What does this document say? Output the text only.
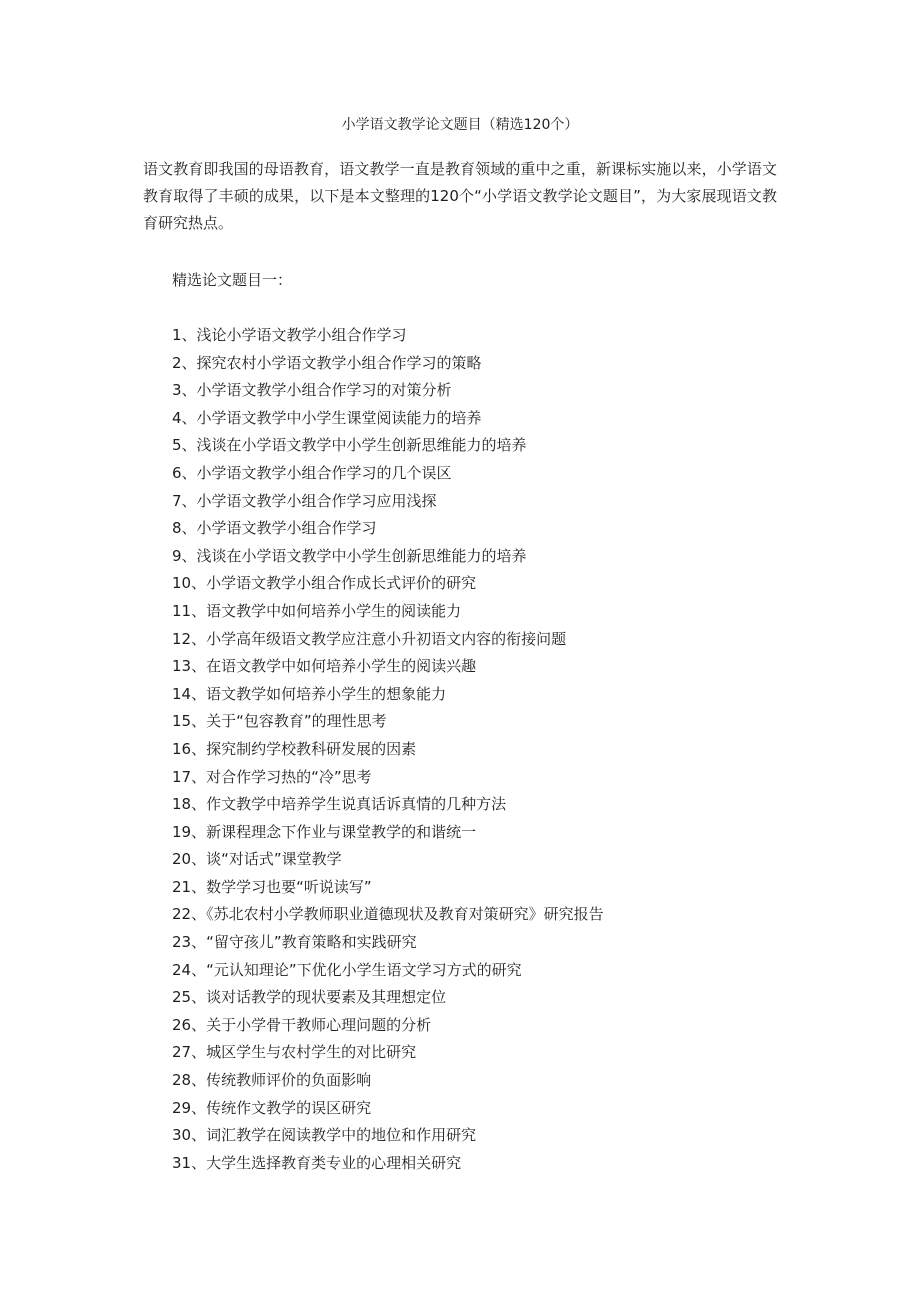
小学语文教学论文题目（精选120个）

语文教育即我国的母语教育，语文教学一直是教育领域的重中之重，新课标实施以来，小学语文教育取得了丰硕的成果，以下是本文整理的120个“小学语文教学论文题目”，为大家展现语文教育研究热点。

精选论文题目一：
1、浅论小学语文教学小组合作学习
2、探究农村小学语文教学小组合作学习的策略
3、小学语文教学小组合作学习的对策分析
4、小学语文教学中小学生课堂阅读能力的培养
5、浅谈在小学语文教学中小学生创新思维能力的培养
6、小学语文教学小组合作学习的几个误区
7、小学语文教学小组合作学习应用浅探
8、小学语文教学小组合作学习
9、浅谈在小学语文教学中小学生创新思维能力的培养
10、小学语文教学小组合作成长式评价的研究
11、语文教学中如何培养小学生的阅读能力
12、小学高年级语文教学应注意小升初语文内容的衔接问题
13、在语文教学中如何培养小学生的阅读兴趣
14、语文教学如何培养小学生的想象能力
15、关于“包容教育”的理性思考
16、探究制约学校教科研发展的因素
17、对合作学习热的“冷”思考
18、作文教学中培养学生说真话诉真情的几种方法
19、新课程理念下作业与课堂教学的和谐统一
20、谈“对话式”课堂教学
21、数学学习也要“听说读写”
22、《苏北农村小学教师职业道德现状及教育对策研究》研究报告
23、“留守孩儿”教育策略和实践研究
24、“元认知理论”下优化小学生语文学习方式的研究
25、谈对话教学的现状要素及其理想定位
26、关于小学骨干教师心理问题的分析
27、城区学生与农村学生的对比研究
28、传统教师评价的负面影响
29、传统作文教学的误区研究
30、词汇教学在阅读教学中的地位和作用研究
31、大学生选择教育类专业的心理相关研究
